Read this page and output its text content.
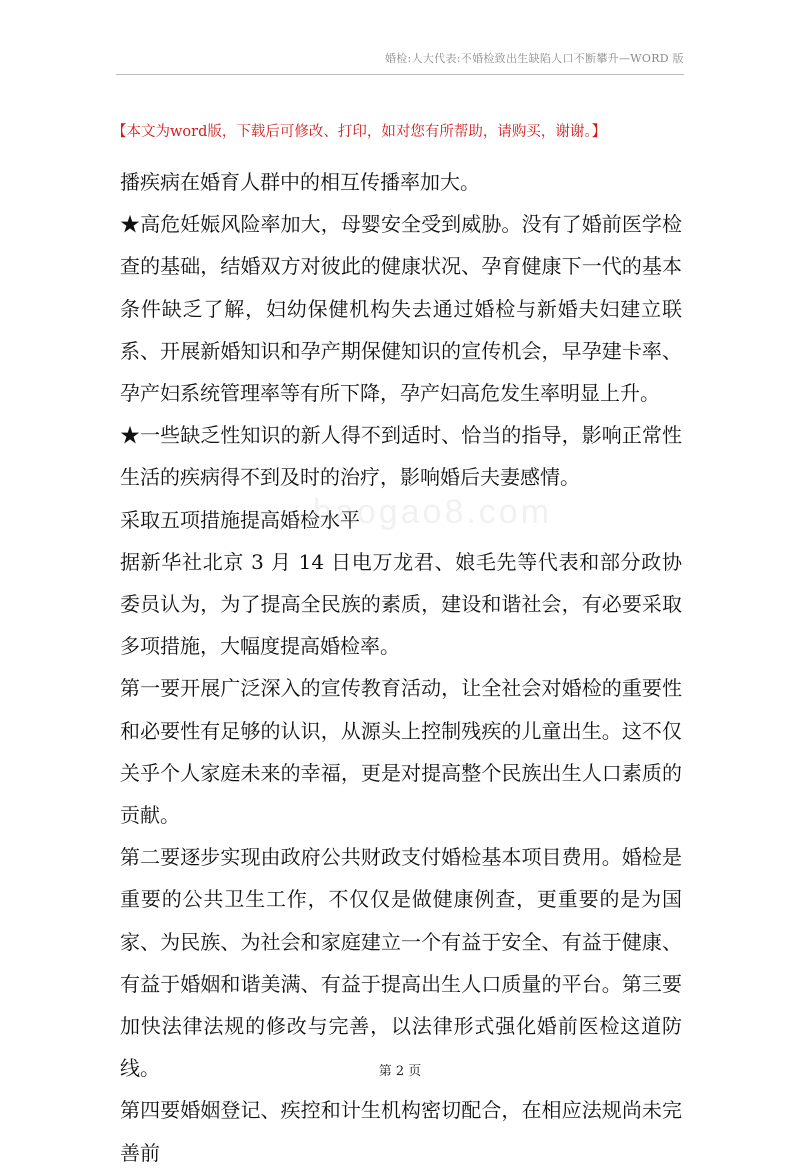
婚检:人大代表:不婚检致出生缺陷人口不断攀升—WORD 版
【本文为word版，下载后可修改、打印，如对您有所帮助，请购买，谢谢。】
baogao8.com

播疾病在婚育人群中的相互传播率加大。

★高危妊娠风险率加大，母婴安全受到威胁。没有了婚前医学检查的基础，结婚双方对彼此的健康状况、孕育健康下一代的基本条件缺乏了解，妇幼保健机构失去通过婚检与新婚夫妇建立联系、开展新婚知识和孕产期保健知识的宣传机会，早孕建卡率、孕产妇系统管理率等有所下降，孕产妇高危发生率明显上升。

★一些缺乏性知识的新人得不到适时、恰当的指导，影响正常性生活的疾病得不到及时的治疗，影响婚后夫妻感情。

采取五项措施提高婚检水平

据新华社北京 3 月 14 日电万龙君、娘毛先等代表和部分政协委员认为，为了提高全民族的素质，建设和谐社会，有必要采取多项措施，大幅度提高婚检率。

第一要开展广泛深入的宣传教育活动，让全社会对婚检的重要性和必要性有足够的认识，从源头上控制残疾的儿童出生。这不仅关乎个人家庭未来的幸福，更是对提高整个民族出生人口素质的贡献。

第二要逐步实现由政府公共财政支付婚检基本项目费用。婚检是重要的公共卫生工作，不仅仅是做健康例查，更重要的是为国家、为民族、为社会和家庭建立一个有益于安全、有益于健康、有益于婚姻和谐美满、有益于提高出生人口质量的平台。第三要加快法律法规的修改与完善，以法律形式强化婚前医检这道防线。

第四要婚姻登记、疾控和计生机构密切配合，在相应法规尚未完善前

第 2 页
